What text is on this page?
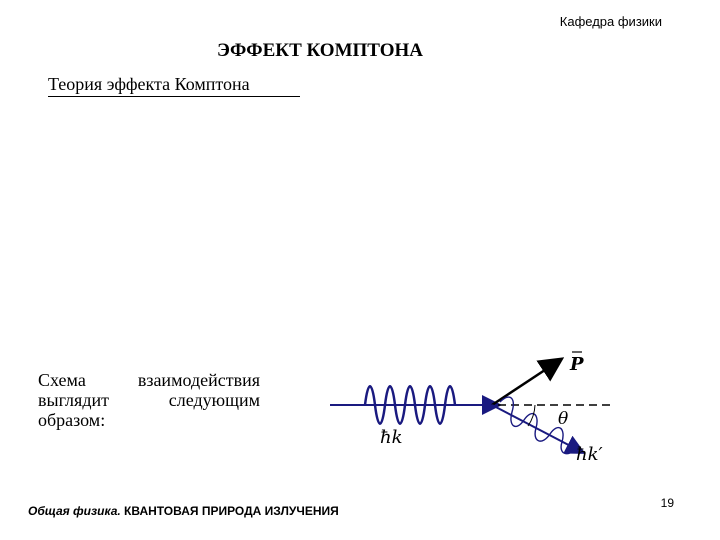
Кафедра физики
ЭФФЕКТ КОМПТОНА
Теория эффекта Комптона
Схема взаимодействия выглядит следующим образом:
ħk
P
θ
ħk′
Общая физика. КВАНТОВАЯ ПРИРОДА ИЗЛУЧЕНИЯ
19
